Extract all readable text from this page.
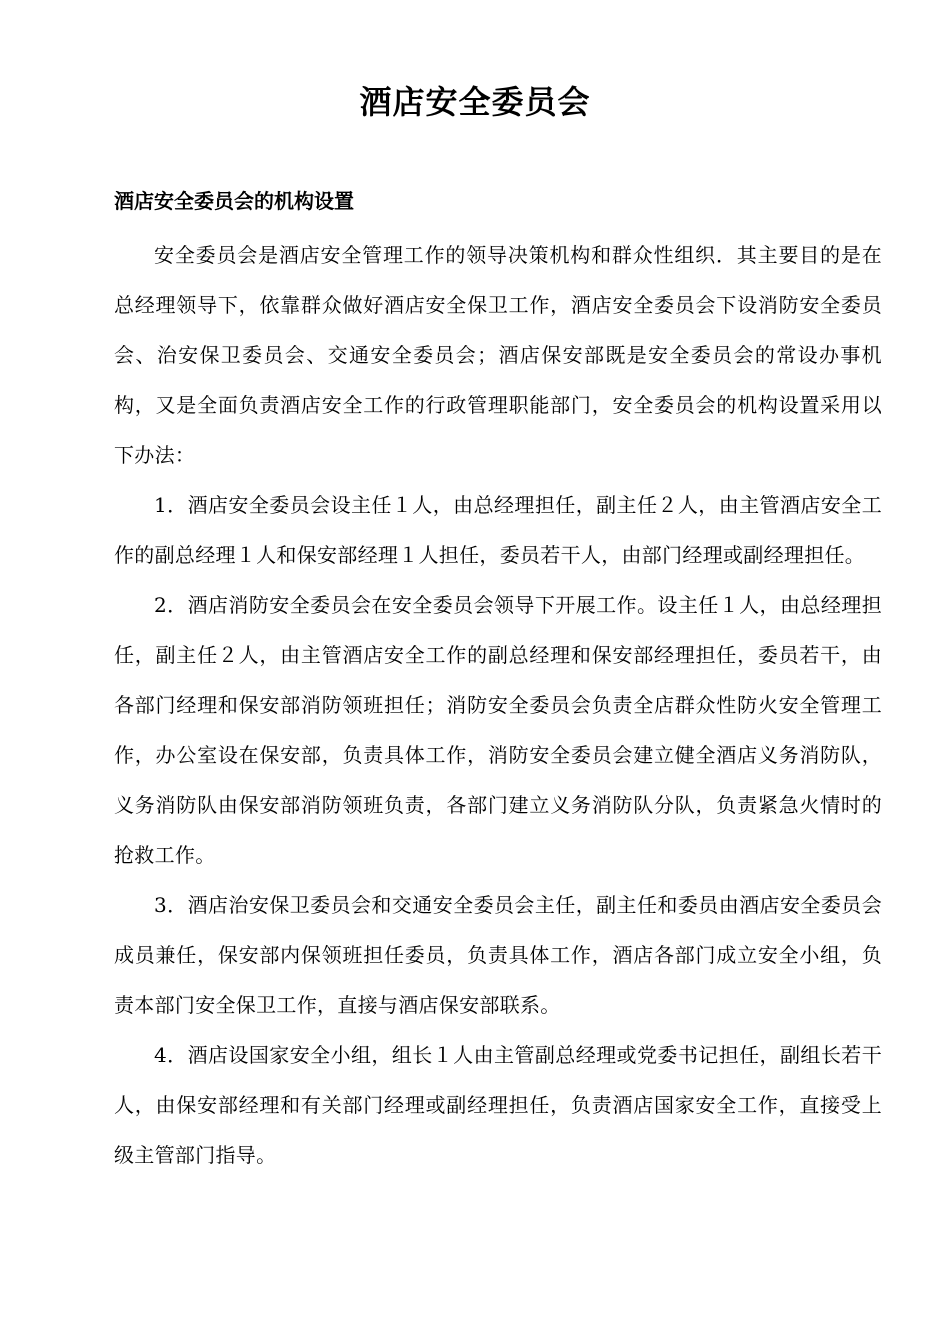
酒店安全委员会
酒店安全委员会的机构设置

安全委员会是酒店安全管理工作的领导决策机构和群众性组织．其主要目的是在总经理领导下，依靠群众做好酒店安全保卫工作，酒店安全委员会下设消防安全委员会、治安保卫委员会、交通安全委员会；酒店保安部既是安全委员会的常设办事机构，又是全面负责酒店安全工作的行政管理职能部门，安全委员会的机构设置采用以下办法：

1．酒店安全委员会设主任１人，由总经理担任，副主任２人，由主管酒店安全工作的副总经理１人和保安部经理１人担任，委员若干人，由部门经理或副经理担任。

2．酒店消防安全委员会在安全委员会领导下开展工作。设主任１人，由总经理担任，副主任２人，由主管酒店安全工作的副总经理和保安部经理担任，委员若干，由各部门经理和保安部消防领班担任；消防安全委员会负责全店群众性防火安全管理工作，办公室设在保安部，负责具体工作，消防安全委员会建立健全酒店义务消防队，义务消防队由保安部消防领班负责，各部门建立义务消防队分队，负责紧急火情时的抢救工作。

3．酒店治安保卫委员会和交通安全委员会主任，副主任和委员由酒店安全委员会成员兼任，保安部内保领班担任委员，负责具体工作，酒店各部门成立安全小组，负责本部门安全保卫工作，直接与酒店保安部联系。

4．酒店设国家安全小组，组长１人由主管副总经理或党委书记担任，副组长若干人，由保安部经理和有关部门经理或副经理担任，负责酒店国家安全工作，直接受上级主管部门指导。
